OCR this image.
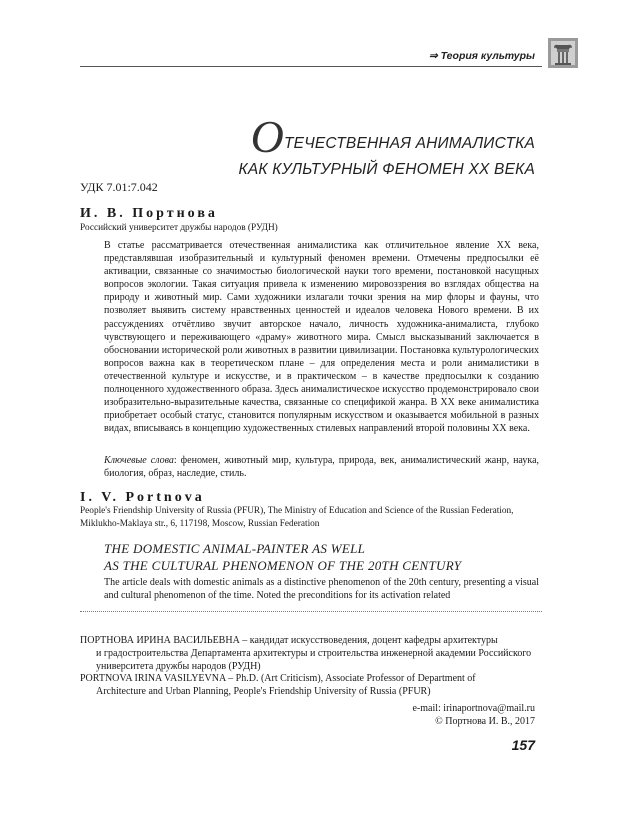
⇒ Теория культуры
ОТЕЧЕСТВЕННАЯ АНИМАЛИСТКА
КАК КУЛЬТУРНЫЙ ФЕНОМЕН XX ВЕКА
УДК 7.01:7.042
И. В. Портнова
Российский университет дружбы народов (РУДН)

В статье рассматривается отечественная анималистика как отличительное явление XX века, представлявшая изобразительный и культурный феномен времени. Отмечены предпосылки её активации, связанные со значимостью биологической науки того времени, постановкой насущных вопросов экологии. Такая ситуация привела к изменению мировоззрения во взглядах общества на природу и животный мир. Сами художники излагали точки зрения на мир флоры и фауны, что позволяет выявить систему нравственных ценностей и идеалов человека Нового времени. В их рассуждениях отчётливо звучит авторское начало, личность художника-анималиста, глубоко чувствующего и переживающего «драму» животного мира. Смысл высказываний заключается в обосновании исторической роли животных в развитии цивилизации. Постановка культурологических вопросов важна как в теоретическом плане – для определения места и роли анималистики в отечественной культуре и искусстве, и в практическом – в качестве предпосылки к созданию полноценного художественного образа. Здесь анималистическое искусство продемонстрировало свои изобразительно-выразительные качества, связанные со спецификой жанра. В XX веке анималистика приобретает особый статус, становится популярным искусством и оказывается мобильной в разных видах, вписываясь в концепцию художественных стилевых направлений второй половины XX века.

Ключевые слова: феномен, животный мир, культура, природа, век, анималистический жанр, наука, биология, образ, наследие, стиль.
I. V. Portnova
People's Friendship University of Russia (PFUR), The Ministry of Education and Science of the Russian Federation, Miklukho-Maklaya str., 6, 117198, Moscow, Russian Federation
THE DOMESTIC ANIMAL-PAINTER AS WELL
AS THE CULTURAL PHENOMENON OF THE 20TH CENTURY
The article deals with domestic animals as a distinctive phenomenon of the 20th century, presenting a visual and cultural phenomenon of the time. Noted the preconditions for its activation related
ПОРТНОВА ИРИНА ВАСИЛЬЕВНА – кандидат искусствоведения, доцент кафедры архитектуры
и градостроительства Департамента архитектуры и строительства инженерной академии Российского университета дружбы народов (РУДН)
PORTNOVA IRINA VASILYEVNA – Ph.D. (Art Criticism), Associate Professor of Department of
Architecture and Urban Planning, People's Friendship University of Russia (PFUR)
e-mail: irinaportnova@mail.ru
© Портнова И. В., 2017
157
